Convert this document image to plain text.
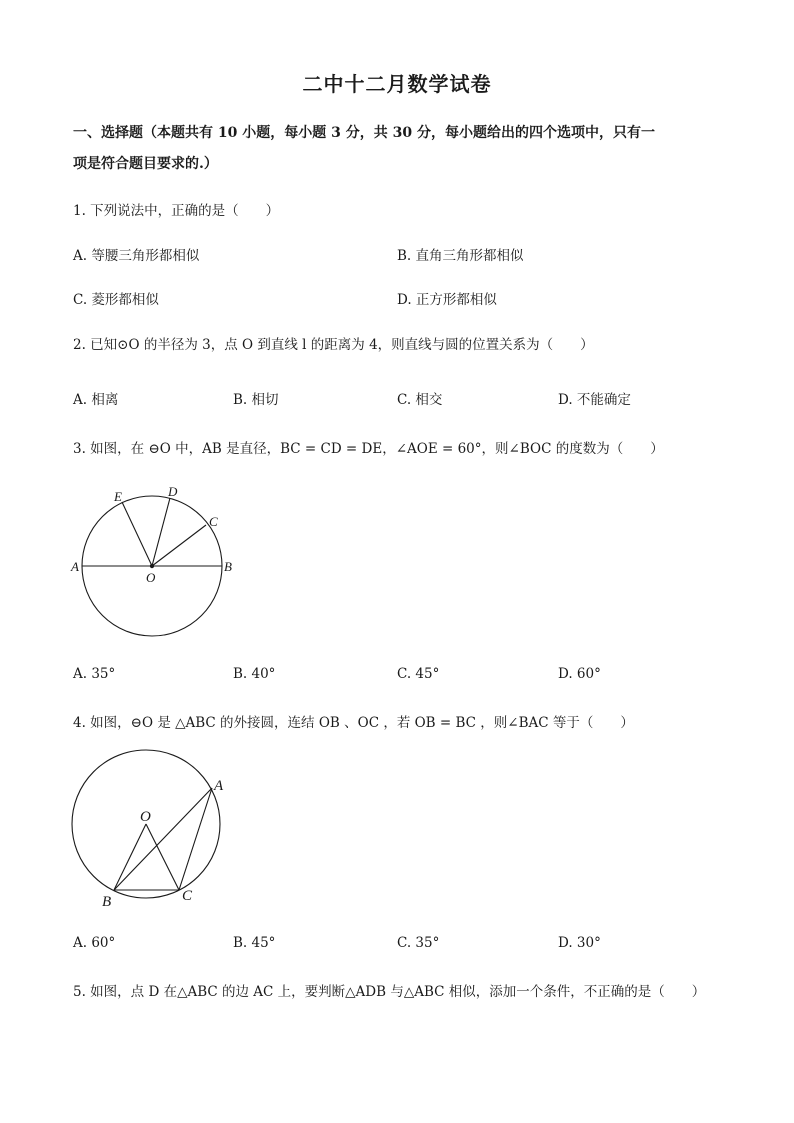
二中十二月数学试卷
一、选择题（本题共有 10 小题，每小题 3 分，共 30 分，每小题给出的四个选项中，只有一
项是符合题目要求的.）
1. 下列说法中，正确的是（　　）
A. 等腰三角形都相似	B. 直角三角形都相似
C. 菱形都相似	D. 正方形都相似
2. 已知⊙O 的半径为 3，点 O 到直线 l 的距离为 4，则直线与圆的位置关系为（　　）
A. 相离	B. 相切	C. 相交	D. 不能确定
3. 如图，在 ⊖O 中，AB 是直径，BC = CD = DE，∠AOE = 60°，则∠BOC 的度数为（　　）
E	D
C
A
O
B
A. 35°	B. 40°	C. 45°	D. 60°
4. 如图，⊖O 是 △ABC 的外接圆，连结 OB 、OC ，若 OB = BC ，则∠BAC 等于（　　）
A
O
B	C
A. 60°	B. 45°	C. 35°	D. 30°
5. 如图，点 D 在△ABC 的边 AC 上，要判断△ADB 与△ABC 相似，添加一个条件，不正确的是（　　）
